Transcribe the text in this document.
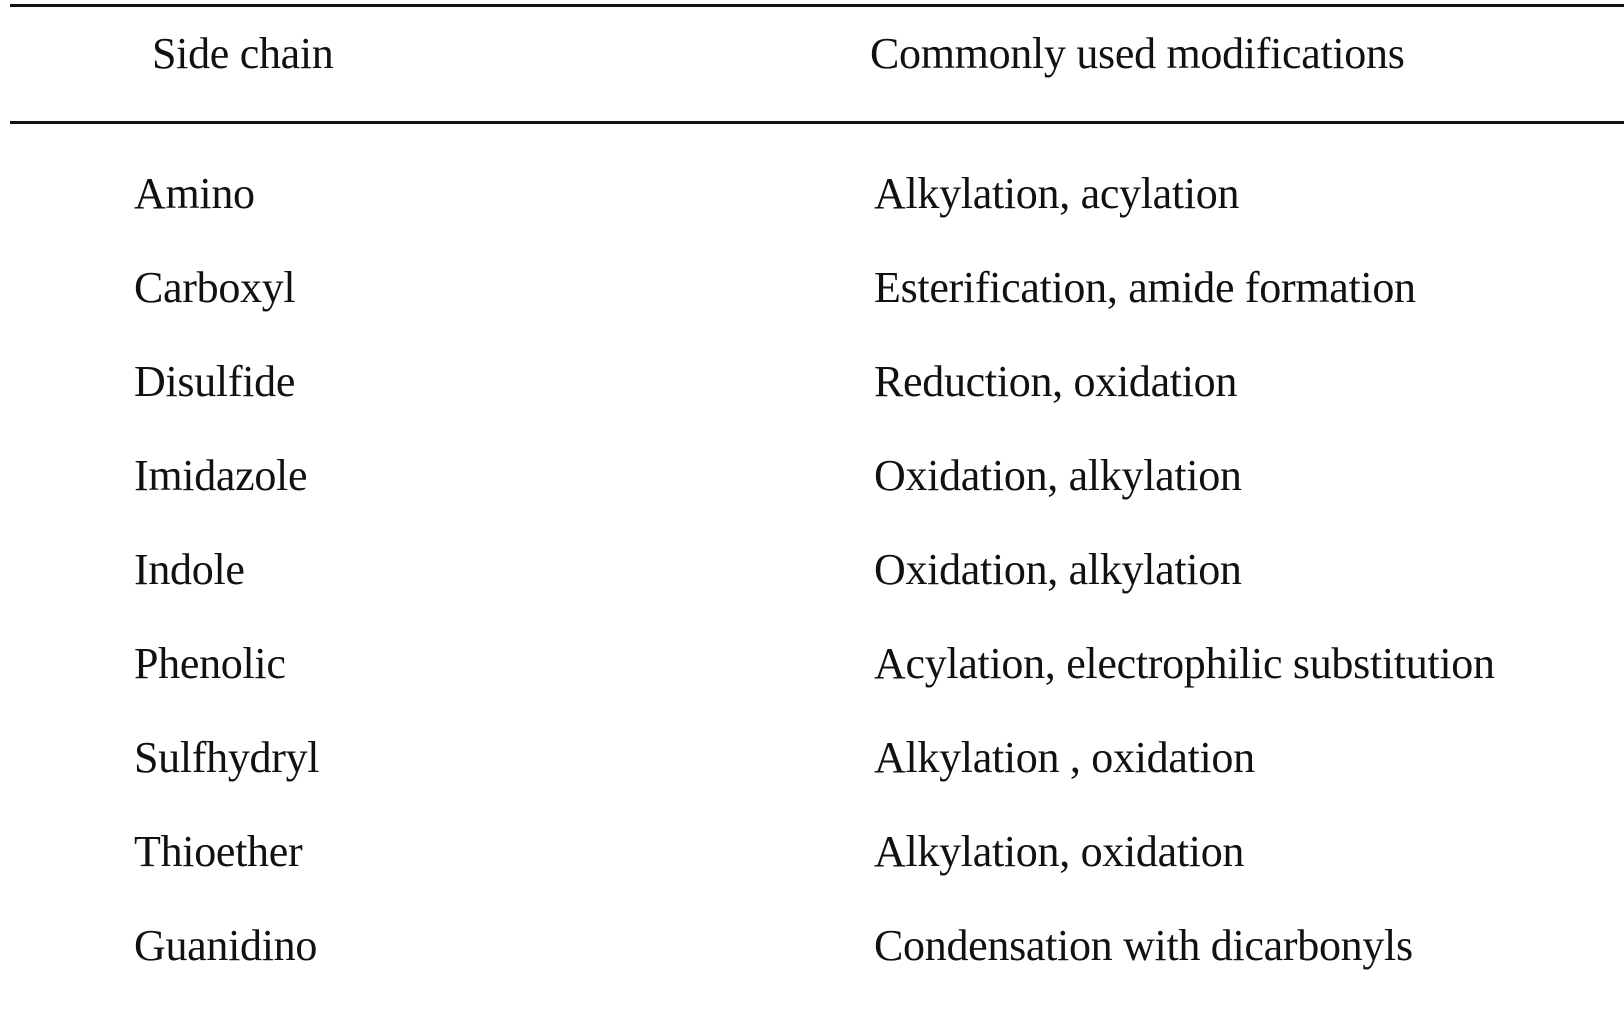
Side chain	Commonly used modifications
Amino	Alkylation, acylation
Carboxyl	Esterification, amide formation
Disulfide	Reduction, oxidation
Imidazole	Oxidation, alkylation
Indole	Oxidation, alkylation
Phenolic	Acylation, electrophilic substitution
Sulfhydryl	Alkylation , oxidation
Thioether	Alkylation, oxidation
Guanidino	Condensation with dicarbonyls
